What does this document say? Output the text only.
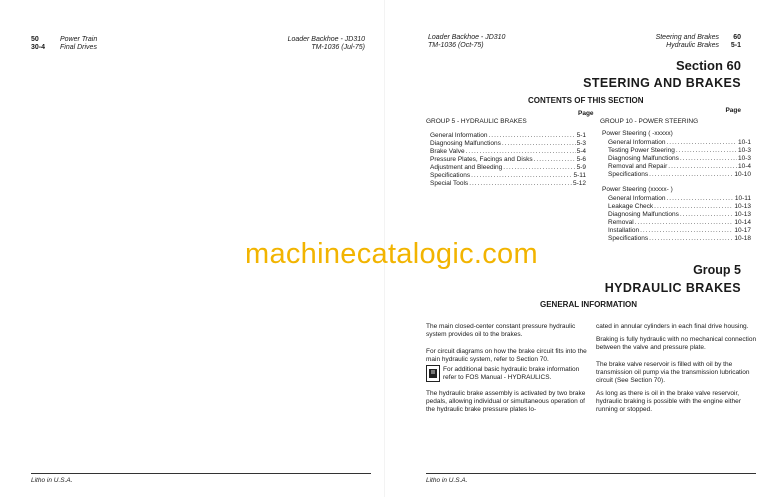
50
30-4
Power Train
Final Drives
Loader Backhoe - JD310
TM-1036 (Jul-75)
Litho in U.S.A.
Loader Backhoe - JD310
TM-1036 (Oct-75)
Steering and Brakes
Hydraulic Brakes
60
5-1
Section 60
STEERING AND BRAKES
CONTENTS OF THIS SECTION
Page
GROUP 5 - HYDRAULIC BRAKES
General Information .....	5-1
Diagnosing Malfunctions .....	5-3
Brake Valve .....	5-4
Pressure Plates, Facings and Disks .....	5-6
Adjustment and Bleeding .....	5-9
Specifications .....	5-11
Special Tools .....	5-12
Page
GROUP 10 - POWER STEERING
Power Steering ( -xxxxx)
General Information .....	10-1
Testing Power Steering .....	10-3
Diagnosing Malfunctions .....	10-3
Removal and Repair .....	10-4
Specifications .....	10-10
Power Steering (xxxxx- )
General Information .....	10-11
Leakage Check .....	10-13
Diagnosing Malfunctions .....	10-13
Removal .....	10-14
Installation .....	10-17
Specifications .....	10-18
Group 5
HYDRAULIC BRAKES
GENERAL INFORMATION
The main closed-center constant pressure hydraulic system provides oil to the brakes.
For circuit diagrams on how the brake circuit fits into the main hydraulic system, refer to Section 70.
For additional basic hydraulic brake information refer to FOS Manual - HYDRAULICS.
The hydraulic brake assembly is activated by two brake pedals, allowing individual or simultaneous operation of the hydraulic brake pressure plates lo-
cated in annular cylinders in each final drive housing.
Braking is fully hydraulic with no mechanical connection between the valve and pressure plate.
The brake valve reservoir is filled with oil by the transmission oil pump via the transmission lubrication circuit (See Section 70).
As long as there is oil in the brake valve reservoir, hydraulic braking is possible with the engine either running or stopped.
Litho in U.S.A.
machinecatalogic.com
